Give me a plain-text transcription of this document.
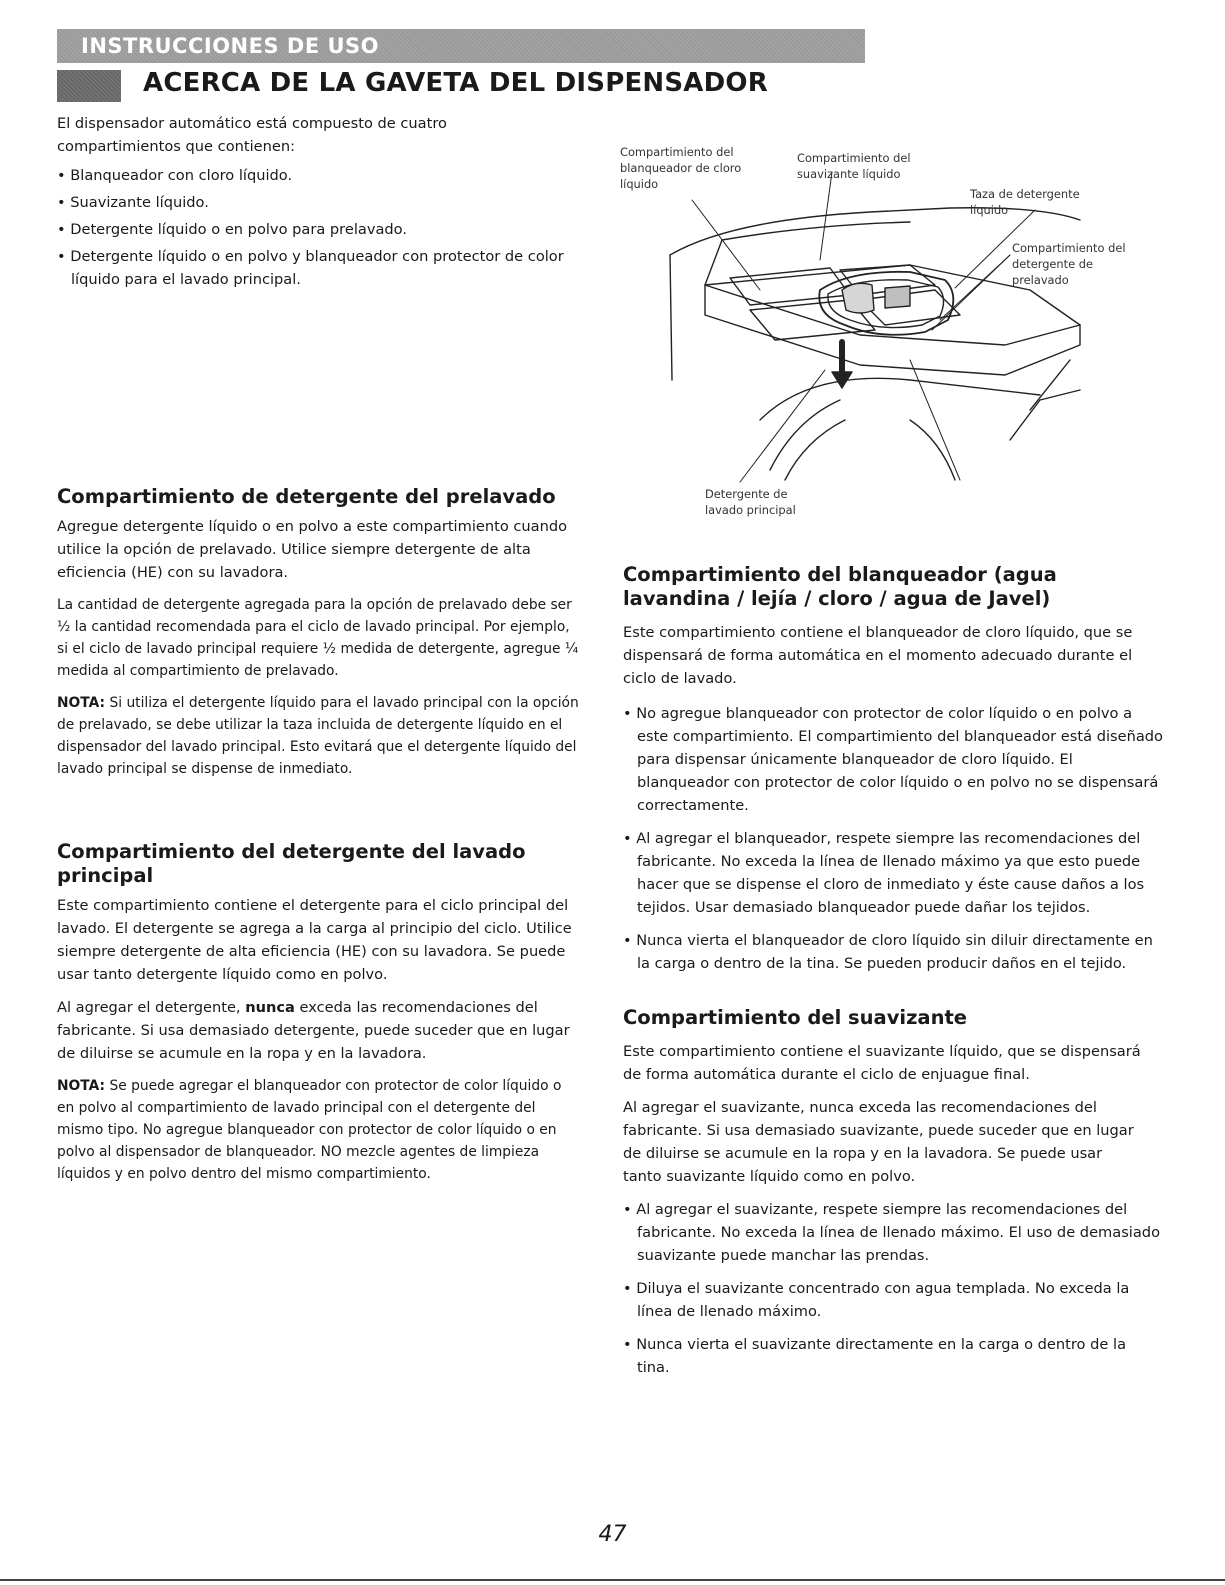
INSTRUCCIONES DE USO
ACERCA DE LA GAVETA DEL DISPENSADOR

El dispensador automático está compuesto de cuatro compartimientos que contienen:

• Blanqueador con cloro líquido.

• Suavizante líquido.

• Detergente líquido o en polvo para prelavado.

• Detergente líquido o en polvo y blanqueador con protector de color líquido para el lavado principal.

Compartimiento de detergente del prelavado

Agregue detergente líquido o en polvo a este compartimiento cuando utilice la opción de prelavado. Utilice siempre detergente de alta eficiencia (HE) con su lavadora.

La cantidad de detergente agregada para la opción de prelavado debe ser ½ la cantidad recomendada para el ciclo de lavado principal. Por ejemplo, si el ciclo de lavado principal requiere ½ medida de detergente, agregue ¼ medida al compartimiento de prelavado.

NOTA: Si utiliza el detergente líquido para el lavado principal con la opción de prelavado, se debe utilizar la taza incluida de detergente líquido en el dispensador del lavado principal. Esto evitará que el detergente líquido del lavado principal se dispense de inmediato.

Compartimiento del detergente del lavado principal

Este compartimiento contiene el detergente para el ciclo principal del lavado. El detergente se agrega a la carga al principio del ciclo. Utilice siempre detergente de alta eficiencia (HE) con su lavadora. Se puede usar tanto detergente líquido como en polvo.

Al agregar el detergente, nunca exceda las recomendaciones del fabricante. Si usa demasiado detergente, puede suceder que en lugar de diluirse se acumule en la ropa y en la lavadora.

NOTA: Se puede agregar el blanqueador con protector de color líquido o en polvo al compartimiento de lavado principal con el detergente del mismo tipo. No agregue blanqueador con protector de color líquido o en polvo al dispensador de blanqueador. NO mezcle agentes de limpieza líquidos y en polvo dentro del mismo compartimiento.

Compartimiento del
blanqueador de cloro
líquido
Compartimiento del
suavizante líquido
Taza de detergente
líquido
Compartimiento del
detergente de
prelavado
Detergente de
lavado principal
Compartimiento del blanqueador (agua lavandina / lejía / cloro / agua de Javel)

Este compartimiento contiene el blanqueador de cloro líquido, que se dispensará de forma automática en el momento adecuado durante el ciclo de lavado.

• No agregue blanqueador con protector de color líquido o en polvo a este compartimiento. El compartimiento del blanqueador está diseñado para dispensar únicamente blanqueador de cloro líquido. El blanqueador con protector de color líquido o en polvo no se dispensará correctamente.

• Al agregar el blanqueador, respete siempre las recomendaciones del fabricante. No exceda la línea de llenado máximo ya que esto puede hacer que se dispense el cloro de inmediato y éste cause daños a los tejidos. Usar demasiado blanqueador puede dañar los tejidos.

• Nunca vierta el blanqueador de cloro líquido sin diluir directamente en la carga o dentro de la tina. Se pueden producir daños en el tejido.

Compartimiento del suavizante

Este compartimiento contiene el suavizante líquido, que se dispensará de forma automática durante el ciclo de enjuague final.

Al agregar el suavizante, nunca exceda las recomendaciones del fabricante. Si usa demasiado suavizante, puede suceder que en lugar de diluirse se acumule en la ropa y en la lavadora. Se puede usar tanto suavizante líquido como en polvo.

• Al agregar el suavizante, respete siempre las recomendaciones del fabricante. No exceda la línea de llenado máximo. El uso de demasiado suavizante puede manchar las prendas.

• Diluya el suavizante concentrado con agua templada. No exceda la línea de llenado máximo.

• Nunca vierta el suavizante directamente en la carga o dentro de la tina.

47
